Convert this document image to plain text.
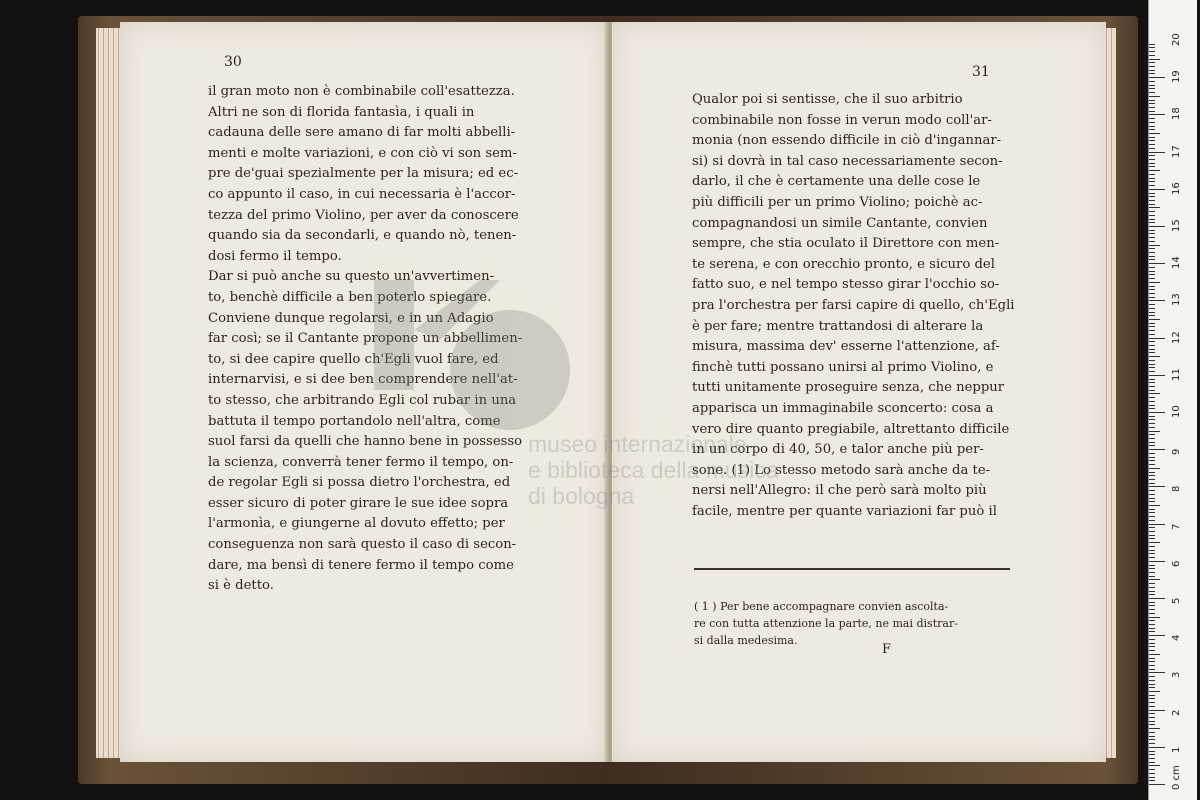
30

il gran moto non è combinabile coll'esattezza.

Altri ne son di florida fantasìa, i quali in

cadauna delle sere amano di far molti abbelli-

menti e molte variazioni, e con ciò vi son sem-

pre de'guai spezialmente per la misura; ed ec-

co appunto il caso, in cui necessaria è l'accor-

tezza del primo Violino, per aver da conoscere

quando sia da secondarli, e quando nò, tenen-

dosi fermo il tempo.

Dar si può anche su questo un'avvertimen-

to, benchè difficile a ben poterlo spiegare.

Conviene dunque regolarsi, e in un Adagio

far così; se il Cantante propone un abbellimen-

to, si dee capire quello ch'Egli vuol fare, ed

internarvisi, e si dee ben comprendere nell'at-

to stesso, che arbitrando Egli col rubar in una

battuta il tempo portandolo nell'altra, come

suol farsi da quelli che hanno bene in possesso

la scienza, converrà tener fermo il tempo, on-

de regolar Egli si possa dietro l'orchestra, ed

esser sicuro di poter girare le sue idee sopra

l'armonìa, e giungerne al dovuto effetto; per

conseguenza non sarà questo il caso di secon-

dare, ma bensì di tenere fermo il tempo come

si è detto.

31

Qualor poi si sentisse, che il suo arbitrio

combinabile non fosse in verun modo coll'ar-

monia (non essendo difficile in ciò d'ingannar-

si) si dovrà in tal caso necessariamente secon-

darlo, il che è certamente una delle cose le

più difficili per un primo Violino; poichè ac-

compagnandosi un simile Cantante, convien

sempre, che stia oculato il Direttore con men-

te serena, e con orecchio pronto, e sicuro del

fatto suo, e nel tempo stesso girar l'occhio so-

pra l'orchestra per farsi capire di quello, ch'Egli

è per fare; mentre trattandosi di alterare la

misura, massima dev' esserne l'attenzione, af-

finchè tutti possano unirsi al primo Violino, e

tutti unitamente proseguire senza, che neppur

apparisca un immaginabile sconcerto: cosa a

vero dire quanto pregiabile, altrettanto difficile

in un corpo di 40, 50, e talor anche più per-

sone. (1) Lo stesso metodo sarà anche da te-

nersi nell'Allegro: il che però sarà molto più

facile, mentre per quante variazioni far può il

( 1 ) Per bene accompagnare convien ascolta-

re con tutta attenzione la parte, ne mai distrar-

si dalla medesima.

F
museo internazionale
e biblioteca della musica
di bologna
0 cm
1
2
3
4
5
6
7
8
9
10
11
12
13
14
15
16
17
18
19
20
